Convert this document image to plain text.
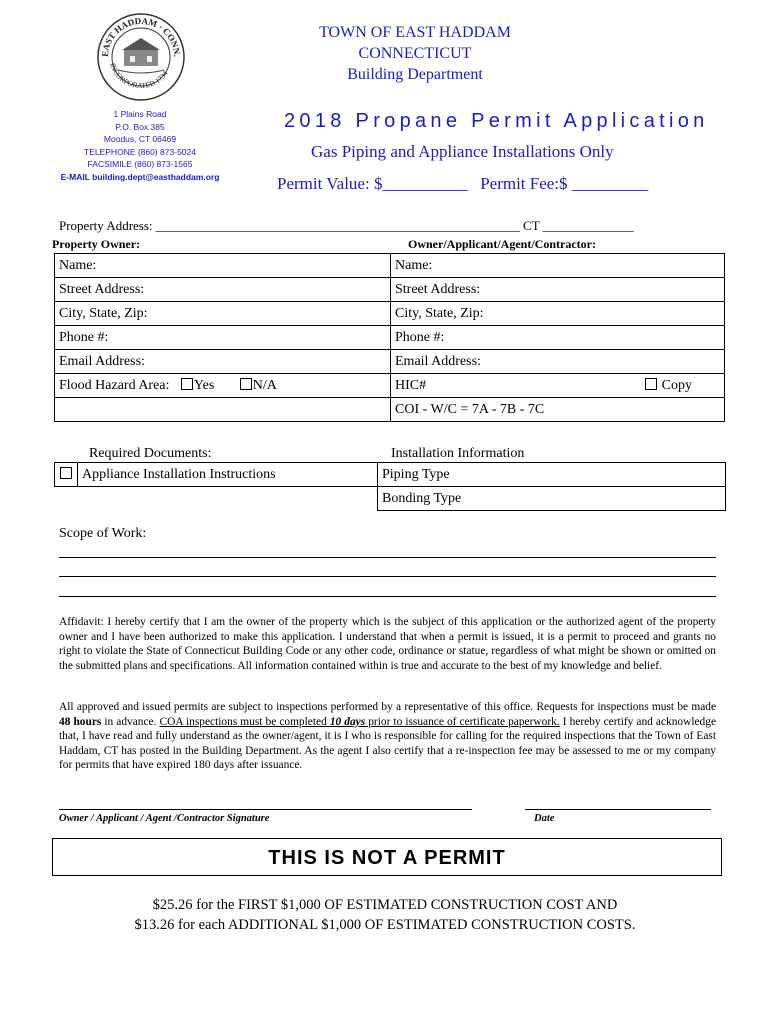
EAST HADDAM · CONN.
INCORPORATED 1734
TOWN OF EAST HADDAM
CONNECTICUT
Building Department
1 Plains Road
P.O. Box 385
Moodus, CT 06469
TELEPHONE (860) 873-5024
FACSIMILE (860) 873-1565
E-MAIL building.dept@easthaddam.org
2018 Propane Permit Application
Gas Piping and Appliance Installations Only
Permit Value: $__________ Permit Fee:$ _________
Property Address: ________________________________________________________ CT ______________
Property Owner:	Owner/Applicant/Agent/Contractor:
Name:	Name:
Street Address:	Street Address:
City, State, Zip:	City, State, Zip:
Phone #:	Phone #:
Email Address:	Email Address:
Flood Hazard Area: Yes N/A	HIC# Copy

	COI - W/C = 7A - 7B - 7C
Required Documents:	Installation Information
	Appliance Installation Instructions	Piping Type
		Bonding Type
Scope of Work:
Affidavit: I hereby certify that I am the owner of the property which is the subject of this application or the authorized agent of the property owner and I have been authorized to make this application. I understand that when a permit is issued, it is a permit to proceed and grants no right to violate the State of Connecticut Building Code or any other code, ordinance or statue, regardless of what might be shown or omitted on the submitted plans and specifications. All information contained within is true and accurate to the best of my knowledge and belief.
All approved and issued permits are subject to inspections performed by a representative of this office. Requests for inspections must be made 48 hours in advance. COA inspections must be completed 10 days prior to issuance of certificate paperwork. I hereby certify and acknowledge that, I have read and fully understand as the owner/agent, it is I who is responsible for calling for the required inspections that the Town of East Haddam, CT has posted in the Building Department. As the agent I also certify that a re-inspection fee may be assessed to me or my company for permits that have expired 180 days after issuance.
Owner / Applicant / Agent /Contractor Signature	Date
THIS IS NOT A PERMIT
$25.26 for the FIRST $1,000 OF ESTIMATED CONSTRUCTION COST AND
$13.26 for each ADDITIONAL $1,000 OF ESTIMATED CONSTRUCTION COSTS.
